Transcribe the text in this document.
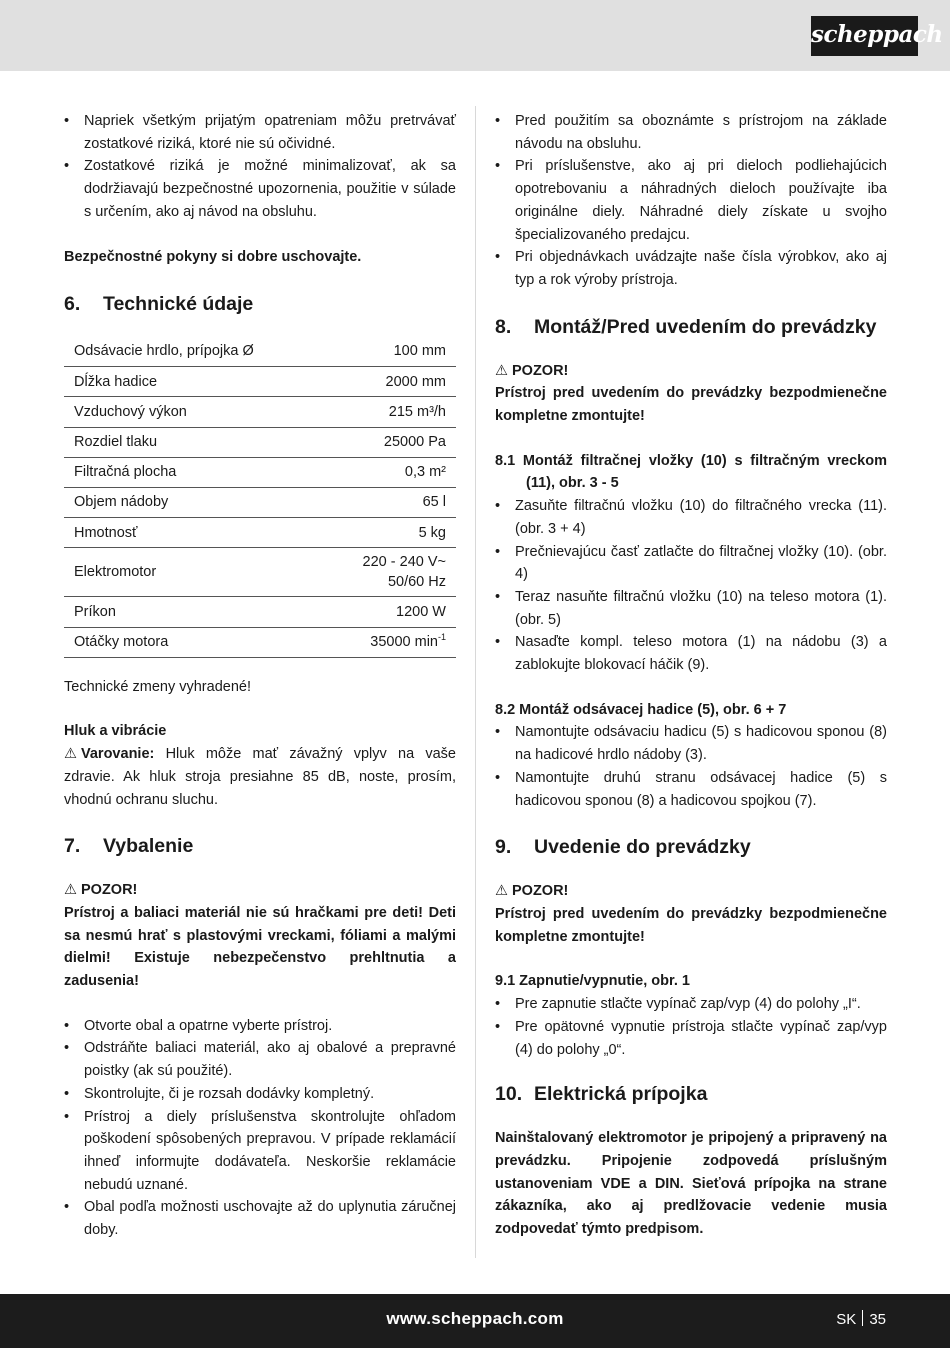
scheppach
• Napriek všetkým prijatým opatreniam môžu pretrvávať zostatkové riziká, ktoré nie sú očividné.
• Zostatkové riziká je možné minimalizovať, ak sa dodržiavajú bezpečnostné upozornenia, použitie v súlade s určením, ako aj návod na obsluhu.
Bezpečnostné pokyny si dobre uschovajte.
6.	Technické údaje
Odsávacie hrdlo, prípojka Ø	100 mm
Dĺžka hadice	2000 mm
Vzduchový výkon	215 m³/h
Rozdiel tlaku	25000 Pa
Filtračná plocha	0,3 m²
Objem nádoby	65 l
Hmotnosť	5 kg
Elektromotor	220 - 240 V~
50/60 Hz
Príkon	1200 W
Otáčky motora	35000 $\min^{-1}$
Technické zmeny vyhradené!
Hluk a vibrácie
⚠ Varovanie: Hluk môže mať závažný vplyv na vaše zdravie. Ak hluk stroja presiahne 85 dB, noste, prosím, vhodnú ochranu sluchu.
7.	Vybalenie
⚠ POZOR!
Prístroj a baliaci materiál nie sú hračkami pre deti! Deti sa nesmú hrať s plastovými vreckami, fóliami a malými dielmi! Existuje nebezpečenstvo prehltnutia a zadusenia!
• Otvorte obal a opatrne vyberte prístroj.
• Odstráňte baliaci materiál, ako aj obalové a prepravné poistky (ak sú použité).
• Skontrolujte, či je rozsah dodávky kompletný.
• Prístroj a diely príslušenstva skontrolujte ohľadom poškodení spôsobených prepravou. V prípade reklamácií ihneď informujte dodávateľa. Neskoršie reklamácie nebudú uznané.
• Obal podľa možnosti uschovajte až do uplynutia záručnej doby.
• Pred použitím sa oboznámte s prístrojom na základe návodu na obsluhu.
• Pri príslušenstve, ako aj pri dieloch podliehajúcich opotrebovaniu a náhradných dieloch používajte iba originálne diely. Náhradné diely získate u svojho špecializovaného predajcu.
• Pri objednávkach uvádzajte naše čísla výrobkov, ako aj typ a rok výroby prístroja.
8.	Montáž/Pred uvedením do prevádzky
⚠ POZOR!
Prístroj pred uvedením do prevádzky bezpodmienečne kompletne zmontujte!
8.1 Montáž filtračnej vložky (10) s filtračným vreckom (11), obr. 3 - 5
• Zasuňte filtračnú vložku (10) do filtračného vrecka (11). (obr. 3 + 4)
• Prečnievajúcu časť zatlačte do filtračnej vložky (10). (obr. 4)
• Teraz nasuňte filtračnú vložku (10) na teleso motora (1). (obr. 5)
• Nasaďte kompl. teleso motora (1) na nádobu (3) a zablokujte blokovací háčik (9).
8.2 Montáž odsávacej hadice (5), obr. 6 + 7
• Namontujte odsávaciu hadicu (5) s hadicovou sponou (8) na hadicové hrdlo nádoby (3).
• Namontujte druhú stranu odsávacej hadice (5) s hadicovou sponou (8) a hadicovou spojkou (7).
9.	Uvedenie do prevádzky
⚠ POZOR!
Prístroj pred uvedením do prevádzky bezpodmienečne kompletne zmontujte!
9.1 Zapnutie/vypnutie, obr. 1
• Pre zapnutie stlačte vypínač zap/vyp (4) do polohy „I“.
• Pre opätovné vypnutie prístroja stlačte vypínač zap/vyp (4) do polohy „0“.
10. Elektrická prípojka
Nainštalovaný elektromotor je pripojený a pripravený na prevádzku. Pripojenie zodpovedá príslušným ustanoveniam VDE a DIN. Sieťová prípojka na strane zákazníka, ako aj predlžovacie vedenie musia zodpovedať týmto predpisom.
www.scheppach.com	SK 35
